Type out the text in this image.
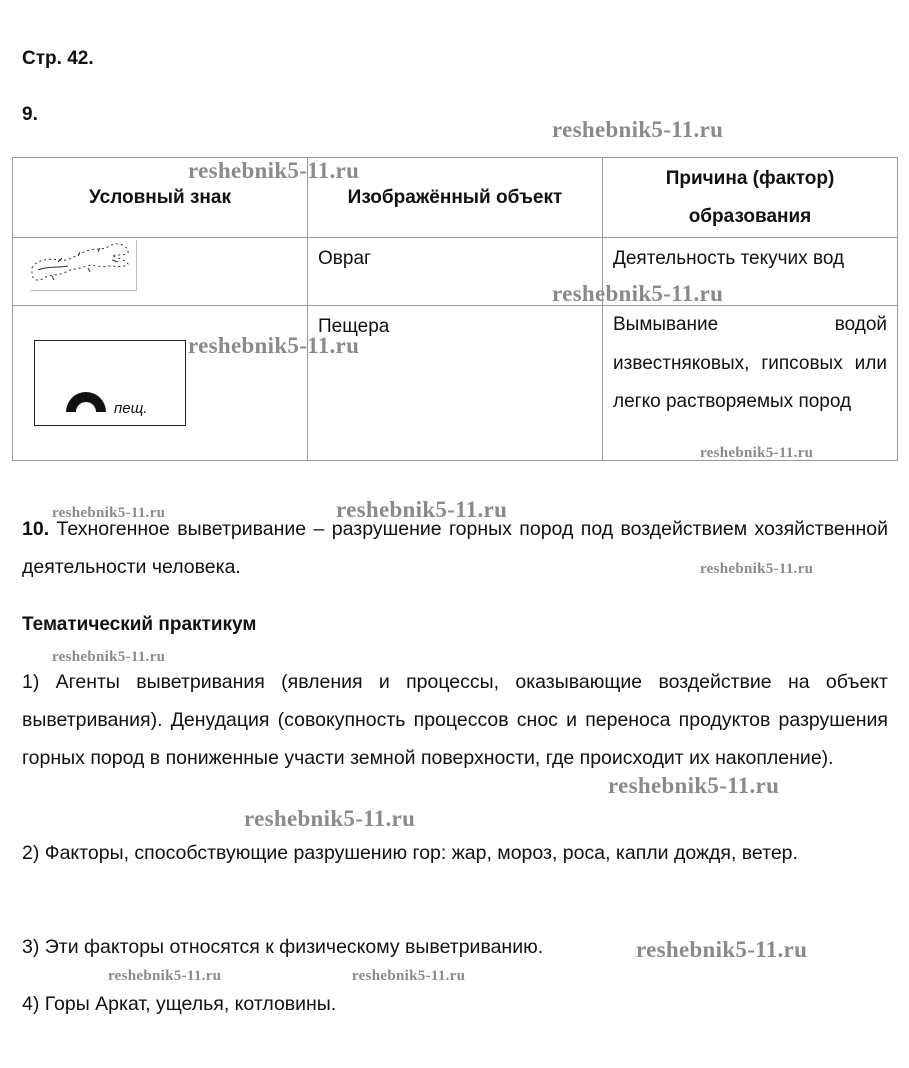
Стр. 42.
9.
Условный знак	Изображённый объект	Причина (фактор) образования

	Овраг	Деятельность текучих вод

	Пещера	Вымывание водой известняковых, гипсовых или легко растворяемых пород
пещ.
10. Техногенное выветривание – разрушение горных пород под воздействием хозяйственной деятельности человека.
Тематический практикум
1) Агенты выветривания (явления и процессы, оказывающие воздействие на объект выветривания). Денудация (совокупность процессов снос и переноса продуктов разрушения горных пород в пониженные участи земной поверхности, где происходит их накопление).
2) Факторы, способствующие разрушению гор: жар, мороз, роса, капли дождя, ветер.
3) Эти факторы относятся к физическому выветриванию.
4) Горы Аркат, ущелья, котловины.
reshebnik5-11.ru
reshebnik5-11.ru
reshebnik5-11.ru
reshebnik5-11.ru
reshebnik5-11.ru
reshebnik5-11.ru	reshebnik5-11.ru
reshebnik5-11.ru
reshebnik5-11.ru
reshebnik5-11.ru
reshebnik5-11.ru
reshebnik5-11.ru
reshebnik5-11.ru	reshebnik5-11.ru
